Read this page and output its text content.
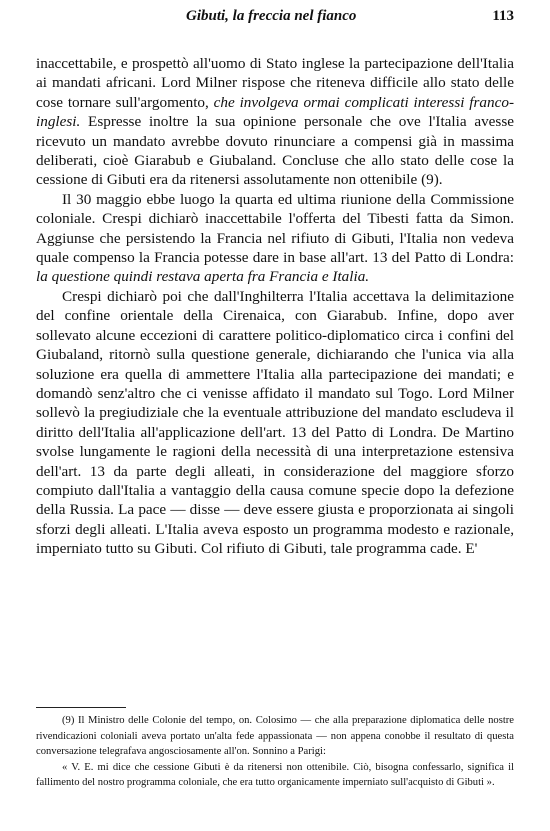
Gibuti, la freccia nel fianco	113

inaccettabile, e prospettò all'uomo di Stato inglese la partecipazione dell'Italia ai mandati africani. Lord Milner rispose che riteneva difficile allo stato delle cose tornare sull'argomento, che involgeva ormai complicati interessi franco-inglesi. Espresse inoltre la sua opinione personale che ove l'Italia avesse ricevuto un mandato avrebbe dovuto rinunciare a compensi già in massima deliberati, cioè Giarabub e Giubaland. Concluse che allo stato delle cose la cessione di Gibuti era da ritenersi assolutamente non ottenibile (9).

Il 30 maggio ebbe luogo la quarta ed ultima riunione della Commissione coloniale. Crespi dichiarò inaccettabile l'offerta del Tibesti fatta da Simon. Aggiunse che persistendo la Francia nel rifiuto di Gibuti, l'Italia non vedeva quale compenso la Francia potesse dare in base all'art. 13 del Patto di Londra: la questione quindi restava aperta fra Francia e Italia.

Crespi dichiarò poi che dall'Inghilterra l'Italia accettava la delimitazione del confine orientale della Cirenaica, con Giarabub. Infine, dopo aver sollevato alcune eccezioni di carattere politico-diplomatico circa i confini del Giubaland, ritornò sulla questione generale, dichiarando che l'unica via alla soluzione era quella di ammettere l'Italia alla partecipazione dei mandati; e domandò senz'altro che ci venisse affidato il mandato sul Togo. Lord Milner sollevò la pregiudiziale che la eventuale attribuzione del mandato escludeva il diritto dell'Italia all'applicazione dell'art. 13 del Patto di Londra. De Martino svolse lungamente le ragioni della necessità di una interpretazione estensiva dell'art. 13 da parte degli alleati, in considerazione del maggiore sforzo compiuto dall'Italia a vantaggio della causa comune specie dopo la defezione della Russia. La pace — disse — deve essere giusta e proporzionata ai singoli sforzi degli alleati. L'Italia aveva esposto un programma modesto e razionale, imperniato tutto su Gibuti. Col rifiuto di Gibuti, tale programma cade. E'

(9) Il Ministro delle Colonie del tempo, on. Colosimo — che alla preparazione diplomatica delle nostre rivendicazioni coloniali aveva portato un'alta fede appassionata — non appena conobbe il resultato di questa conversazione telegrafava angosciosamente all'on. Sonnino a Parigi:

« V. E. mi dice che cessione Gibuti è da ritenersi non ottenibile. Ciò, bisogna confessarlo, significa il fallimento del nostro programma coloniale, che era tutto organicamente imperniato sull'acquisto di Gibuti ».
